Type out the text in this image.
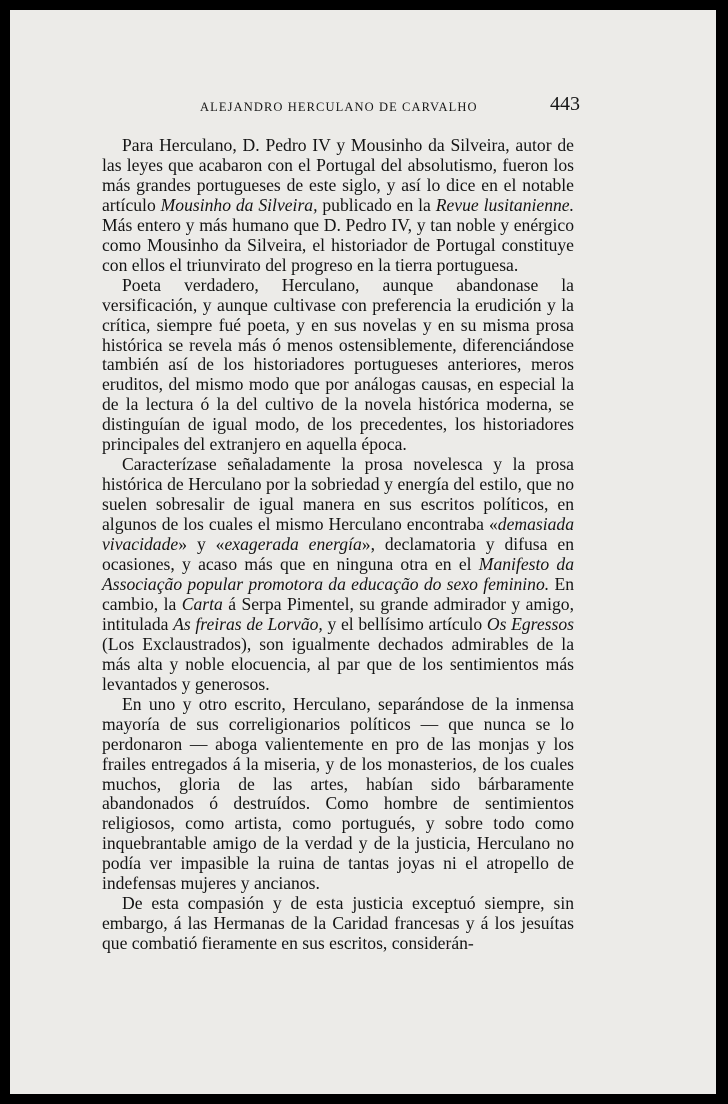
ALEJANDRO HERCULANO DE CARVALHO	443

Para Herculano, D. Pedro IV y Mousinho da Silveira, autor de las leyes que acabaron con el Portugal del absolutismo, fueron los más grandes portugueses de este siglo, y así lo dice en el notable artículo Mousinho da Silveira, publicado en la Revue lusitanienne. Más entero y más humano que D. Pedro IV, y tan noble y enérgico como Mousinho da Silveira, el historiador de Portugal constituye con ellos el triunvirato del progreso en la tierra portuguesa.

Poeta verdadero, Herculano, aunque abandonase la versificación, y aunque cultivase con preferencia la erudición y la crítica, siempre fué poeta, y en sus novelas y en su misma prosa histórica se revela más ó menos ostensiblemente, diferenciándose también así de los historiadores portugueses anteriores, meros eruditos, del mismo modo que por análogas causas, en especial la de la lectura ó la del cultivo de la novela histórica moderna, se distinguían de igual modo, de los precedentes, los historiadores principales del extranjero en aquella época.

Caracterízase señaladamente la prosa novelesca y la prosa histórica de Herculano por la sobriedad y energía del estilo, que no suelen sobresalir de igual manera en sus escritos políticos, en algunos de los cuales el mismo Herculano encontraba «demasiada vivacidade» y «exagerada energía», declamatoria y difusa en ocasiones, y acaso más que en ninguna otra en el Manifesto da Associação popular promotora da educação do sexo feminino. En cambio, la Carta á Serpa Pimentel, su grande admirador y amigo, intitulada As freiras de Lorvão, y el bellísimo artículo Os Egressos (Los Exclaustrados), son igualmente dechados admirables de la más alta y noble elocuencia, al par que de los sentimientos más levantados y generosos.

En uno y otro escrito, Herculano, separándose de la inmensa mayoría de sus correligionarios políticos — que nunca se lo perdonaron — aboga valientemente en pro de las monjas y los frailes entregados á la miseria, y de los monasterios, de los cuales muchos, gloria de las artes, habían sido bárbaramente abandonados ó destruídos. Como hombre de sentimientos religiosos, como artista, como portugués, y sobre todo como inquebrantable amigo de la verdad y de la justicia, Herculano no podía ver impasible la ruina de tantas joyas ni el atropello de indefensas mujeres y ancianos.

De esta compasión y de esta justicia exceptuó siempre, sin embargo, á las Hermanas de la Caridad francesas y á los jesuítas que combatió fieramente en sus escritos, considerán-
